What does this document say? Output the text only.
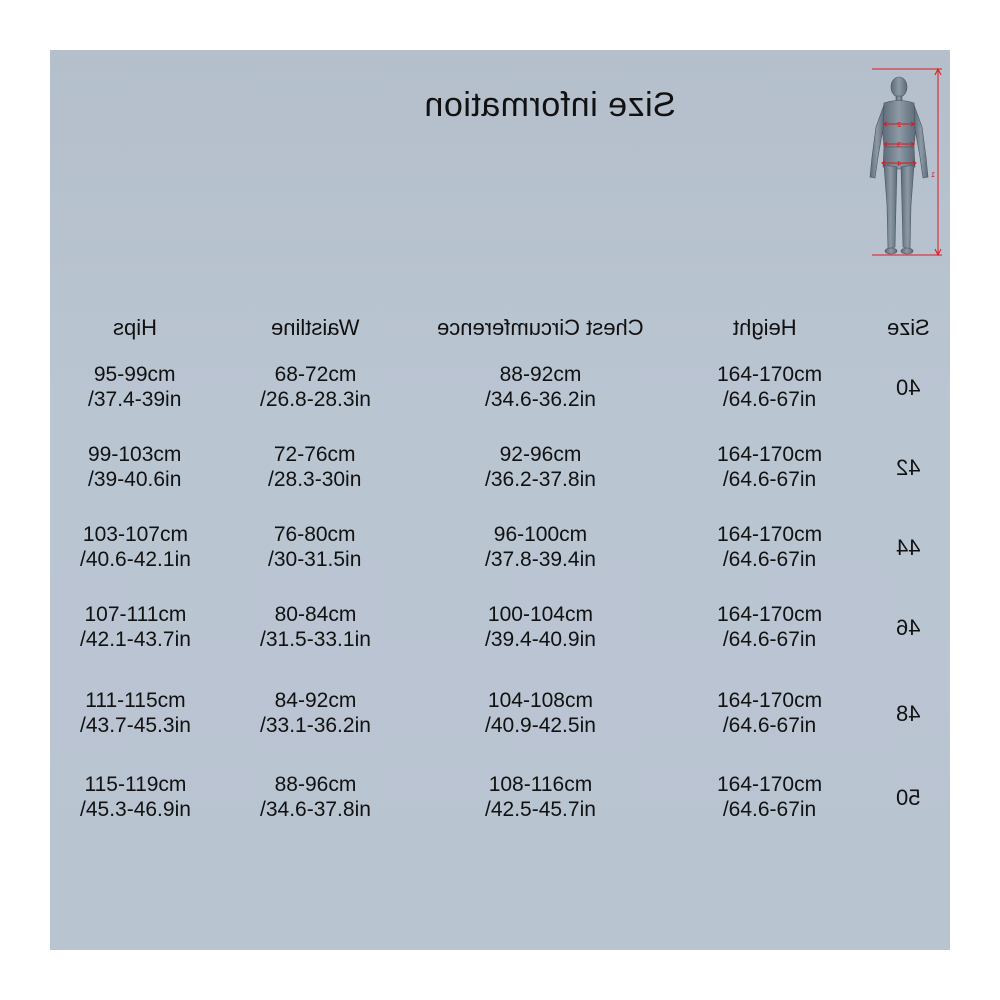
Size information
2
3
4
1
Size
Height
Chest Circumference
Waistline
Hips
40
164-170cm
/64.6-67in
88-92cm
/34.6-36.2in
68-72cm
/26.8-28.3in
95-99cm
/37.4-39in
42
164-170cm
/64.6-67in
92-96cm
/36.2-37.8in
72-76cm
/28.3-30in
99-103cm
/39-40.6in
44
164-170cm
/64.6-67in
96-100cm
/37.8-39.4in
76-80cm
/30-31.5in
103-107cm
/40.6-42.1in
46
164-170cm
/64.6-67in
100-104cm
/39.4-40.9in
80-84cm
/31.5-33.1in
107-111cm
/42.1-43.7in
48
164-170cm
/64.6-67in
104-108cm
/40.9-42.5in
84-92cm
/33.1-36.2in
111-115cm
/43.7-45.3in
50
164-170cm
/64.6-67in
108-116cm
/42.5-45.7in
88-96cm
/34.6-37.8in
115-119cm
/45.3-46.9in
